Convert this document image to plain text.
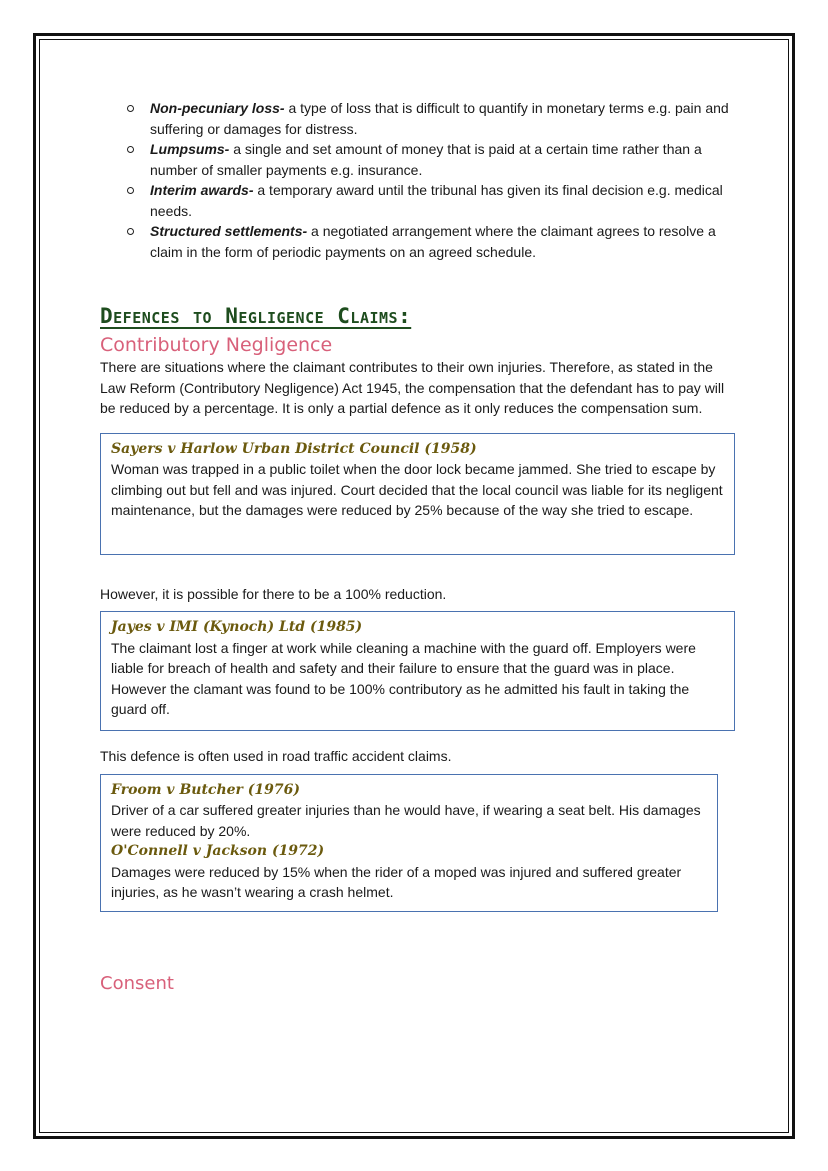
Non-pecuniary loss- a type of loss that is difficult to quantify in monetary terms e.g. pain and suffering or damages for distress.
Lumpsums- a single and set amount of money that is paid at a certain time rather than a number of smaller payments e.g. insurance.
Interim awards- a temporary award until the tribunal has given its final decision e.g. medical needs.
Structured settlements- a negotiated arrangement where the claimant agrees to resolve a claim in the form of periodic payments on an agreed schedule.
Defences to Negligence Claims:
Contributory Negligence

There are situations where the claimant contributes to their own injuries. Therefore, as stated in the Law Reform (Contributory Negligence) Act 1945, the compensation that the defendant has to pay will be reduced by a percentage. It is only a partial defence as it only reduces the compensation sum.

Sayers v Harlow Urban District Council (1958)
Woman was trapped in a public toilet when the door lock became jammed. She tried to escape by climbing out but fell and was injured. Court decided that the local council was liable for its negligent maintenance, but the damages were reduced by 25% because of the way she tried to escape.

However, it is possible for there to be a 100% reduction.

Jayes v IMI (Kynoch) Ltd (1985)
The claimant lost a finger at work while cleaning a machine with the guard off. Employers were liable for breach of health and safety and their failure to ensure that the guard was in place. However the clamant was found to be 100% contributory as he admitted his fault in taking the guard off.

This defence is often used in road traffic accident claims.

Froom v Butcher (1976)
Driver of a car suffered greater injuries than he would have, if wearing a seat belt. His damages were reduced by 20%.
O'Connell v Jackson (1972)
Damages were reduced by 15% when the rider of a moped was injured and suffered greater injuries, as he wasn’t wearing a crash helmet.
Consent
